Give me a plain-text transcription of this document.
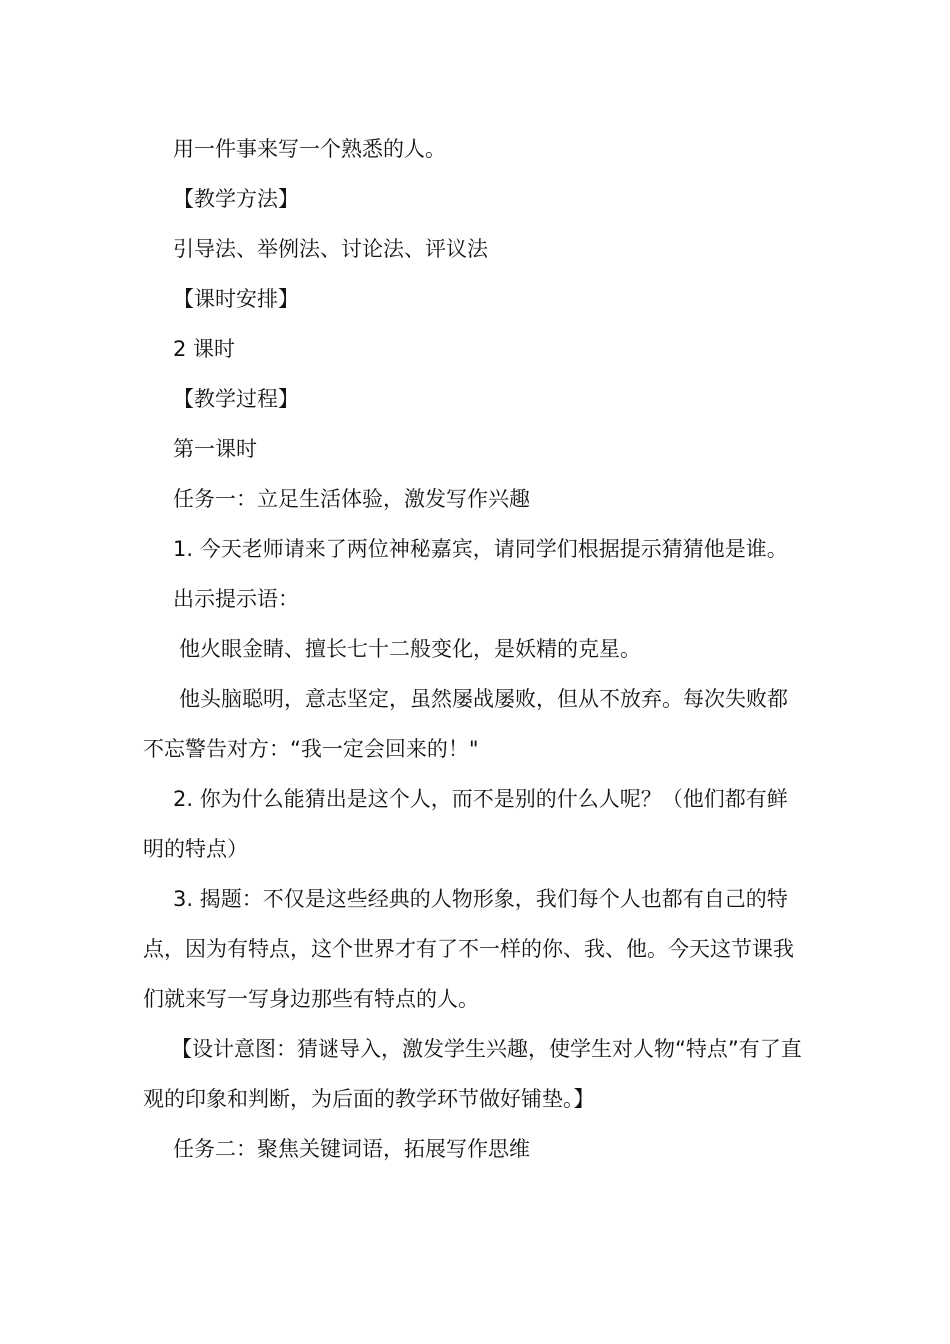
用一件事来写一个熟悉的人。

【教学方法】

引导法、举例法、讨论法、评议法

【课时安排】

2 课时

【教学过程】

第一课时

任务一：立足生活体验，激发写作兴趣

1. 今天老师请来了两位神秘嘉宾，请同学们根据提示猜猜他是谁。

出示提示语：

他火眼金睛、擅长七十二般变化，是妖精的克星。

他头脑聪明，意志坚定，虽然屡战屡败，但从不放弃。每次失败都不忘警告对方：“我一定会回来的！"

2. 你为什么能猜出是这个人，而不是别的什么人呢？（他们都有鲜明的特点）

3. 揭题：不仅是这些经典的人物形象，我们每个人也都有自己的特点，因为有特点，这个世界才有了不一样的你、我、他。今天这节课我们就来写一写身边那些有特点的人。

【设计意图：猜谜导入，激发学生兴趣，使学生对人物“特点”有了直观的印象和判断，为后面的教学环节做好铺垫。】

任务二：聚焦关键词语，拓展写作思维
